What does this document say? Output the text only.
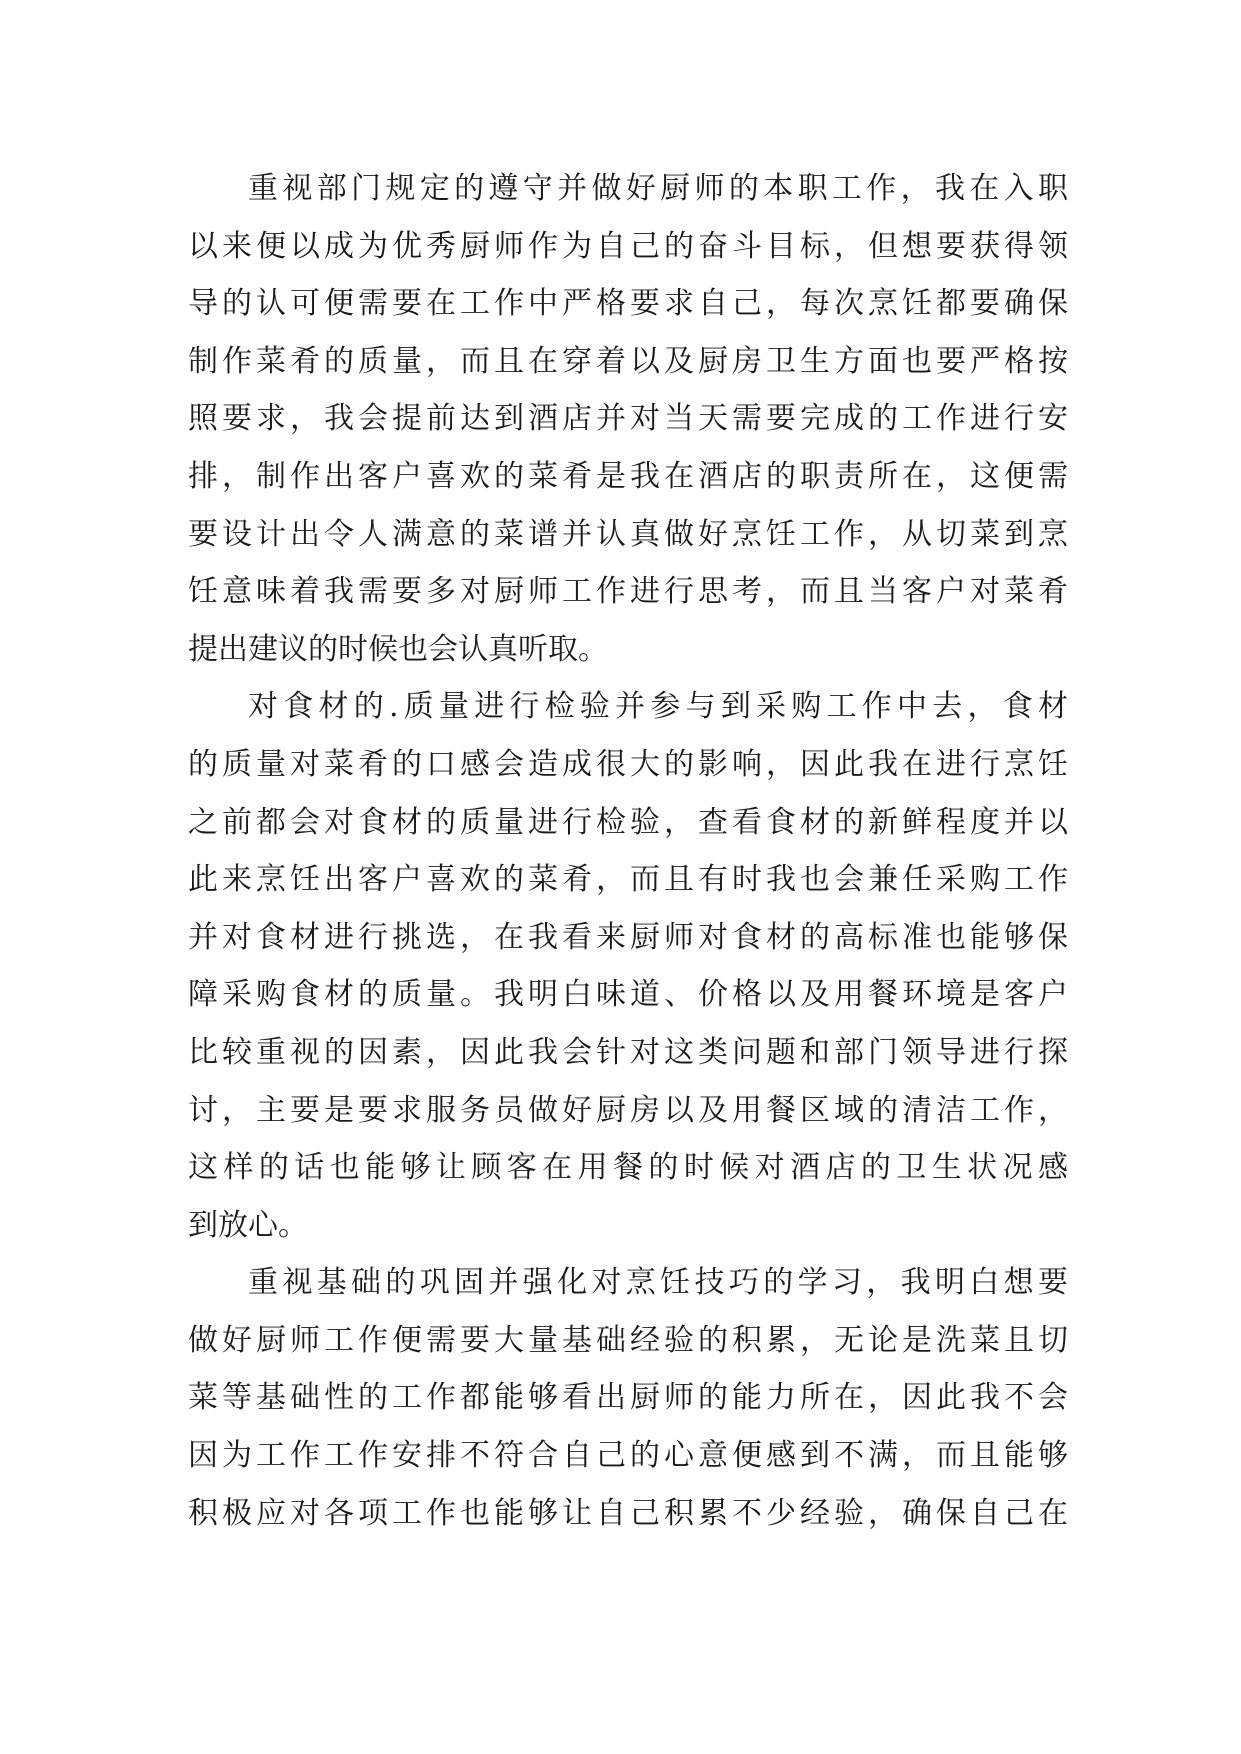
重视部门规定的遵守并做好厨师的本职工作，我在入职
以来便以成为优秀厨师作为自己的奋斗目标，但想要获得领
导的认可便需要在工作中严格要求自己，每次烹饪都要确保
制作菜肴的质量，而且在穿着以及厨房卫生方面也要严格按
照要求，我会提前达到酒店并对当天需要完成的工作进行安
排，制作出客户喜欢的菜肴是我在酒店的职责所在，这便需
要设计出令人满意的菜谱并认真做好烹饪工作，从切菜到烹
饪意味着我需要多对厨师工作进行思考，而且当客户对菜肴
提出建议的时候也会认真听取。
对食材的.质量进行检验并参与到采购工作中去，食材
的质量对菜肴的口感会造成很大的影响，因此我在进行烹饪
之前都会对食材的质量进行检验，查看食材的新鲜程度并以
此来烹饪出客户喜欢的菜肴，而且有时我也会兼任采购工作
并对食材进行挑选，在我看来厨师对食材的高标准也能够保
障采购食材的质量。我明白味道、价格以及用餐环境是客户
比较重视的因素，因此我会针对这类问题和部门领导进行探
讨，主要是要求服务员做好厨房以及用餐区域的清洁工作，
这样的话也能够让顾客在用餐的时候对酒店的卫生状况感
到放心。
重视基础的巩固并强化对烹饪技巧的学习，我明白想要
做好厨师工作便需要大量基础经验的积累，无论是洗菜且切
菜等基础性的工作都能够看出厨师的能力所在，因此我不会
因为工作工作安排不符合自己的心意便感到不满，而且能够
积极应对各项工作也能够让自己积累不少经验，确保自己在
